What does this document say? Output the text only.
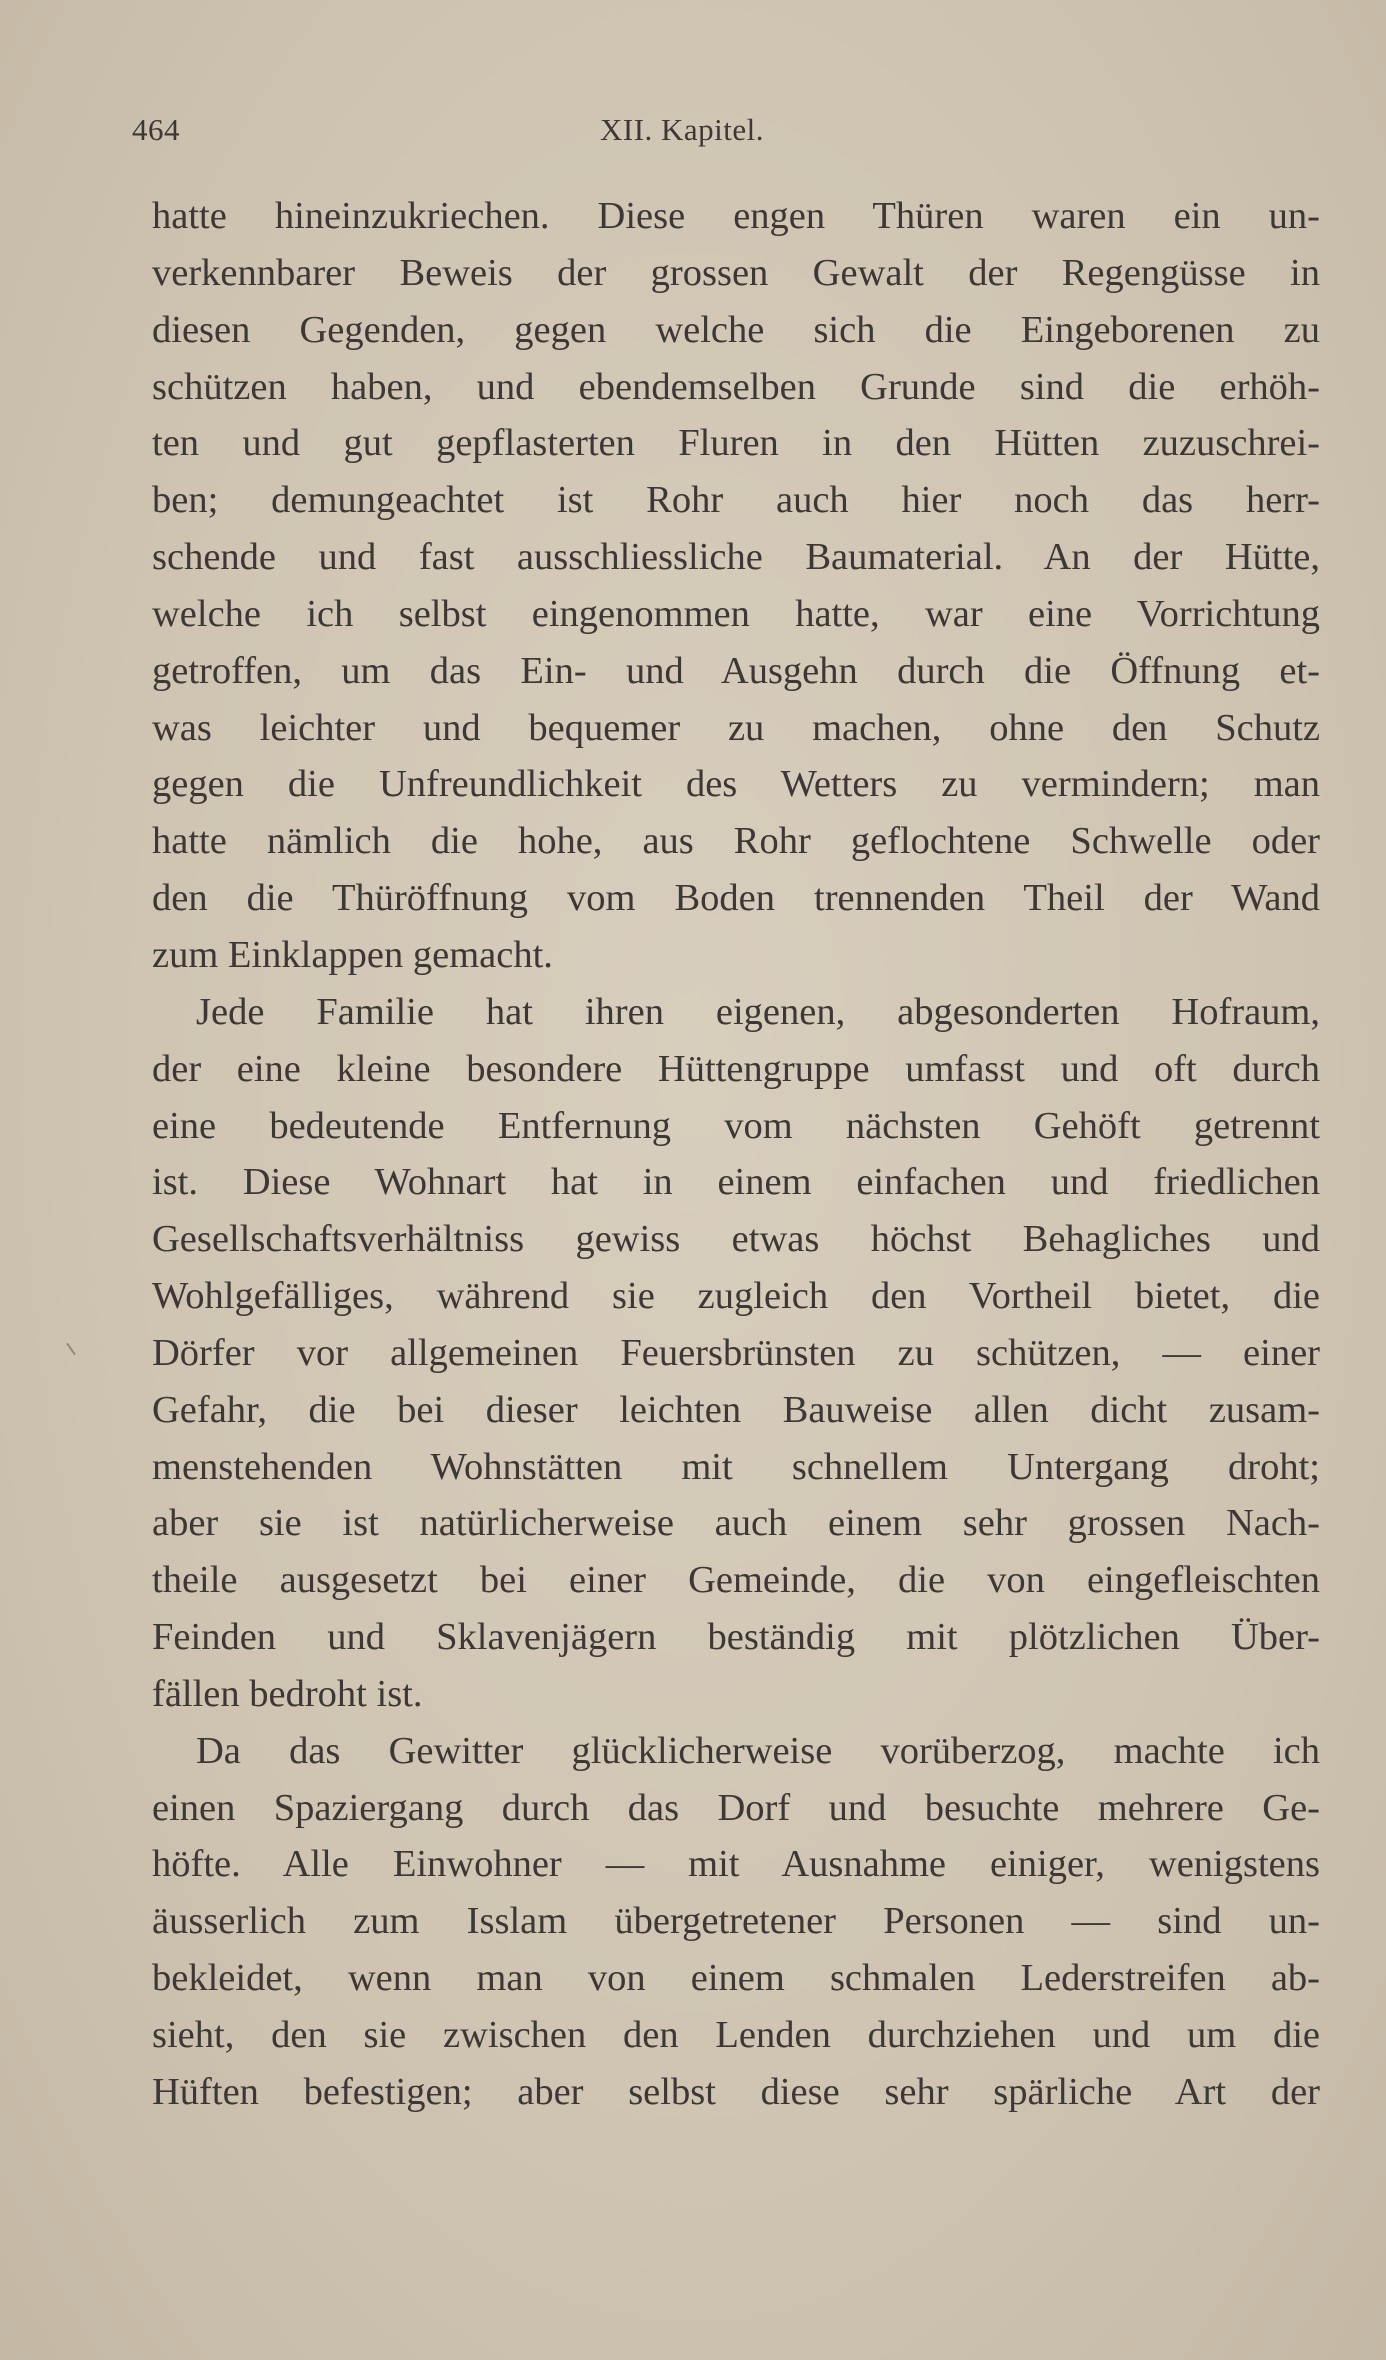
464	XII. Kapitel.
hatte hineinzukriechen. Diese engen Thüren waren ein un-
verkennbarer Beweis der grossen Gewalt der Regengüsse in
diesen Gegenden, gegen welche sich die Eingeborenen zu
schützen haben, und ebendemselben Grunde sind die erhöh-
ten und gut gepflasterten Fluren in den Hütten zuzuschrei-
ben; demungeachtet ist Rohr auch hier noch das herr-
schende und fast ausschliessliche Baumaterial. An der Hütte,
welche ich selbst eingenommen hatte, war eine Vorrichtung
getroffen, um das Ein- und Ausgehn durch die Öffnung et-
was leichter und bequemer zu machen, ohne den Schutz
gegen die Unfreundlichkeit des Wetters zu vermindern; man
hatte nämlich die hohe, aus Rohr geflochtene Schwelle oder
den die Thüröffnung vom Boden trennenden Theil der Wand
zum Einklappen gemacht.
Jede Familie hat ihren eigenen, abgesonderten Hofraum,
der eine kleine besondere Hüttengruppe umfasst und oft durch
eine bedeutende Entfernung vom nächsten Gehöft getrennt
ist. Diese Wohnart hat in einem einfachen und friedlichen
Gesellschaftsverhältniss gewiss etwas höchst Behagliches und
Wohlgefälliges, während sie zugleich den Vortheil bietet, die
Dörfer vor allgemeinen Feuersbrünsten zu schützen, — einer
Gefahr, die bei dieser leichten Bauweise allen dicht zusam-
menstehenden Wohnstätten mit schnellem Untergang droht;
aber sie ist natürlicherweise auch einem sehr grossen Nach-
theile ausgesetzt bei einer Gemeinde, die von eingefleischten
Feinden und Sklavenjägern beständig mit plötzlichen Über-
fällen bedroht ist.
Da das Gewitter glücklicherweise vorüberzog, machte ich
einen Spaziergang durch das Dorf und besuchte mehrere Ge-
höfte. Alle Einwohner — mit Ausnahme einiger, wenigstens
äusserlich zum Isslam übergetretener Personen — sind un-
bekleidet, wenn man von einem schmalen Lederstreifen ab-
sieht, den sie zwischen den Lenden durchziehen und um die
Hüften befestigen; aber selbst diese sehr spärliche Art der
